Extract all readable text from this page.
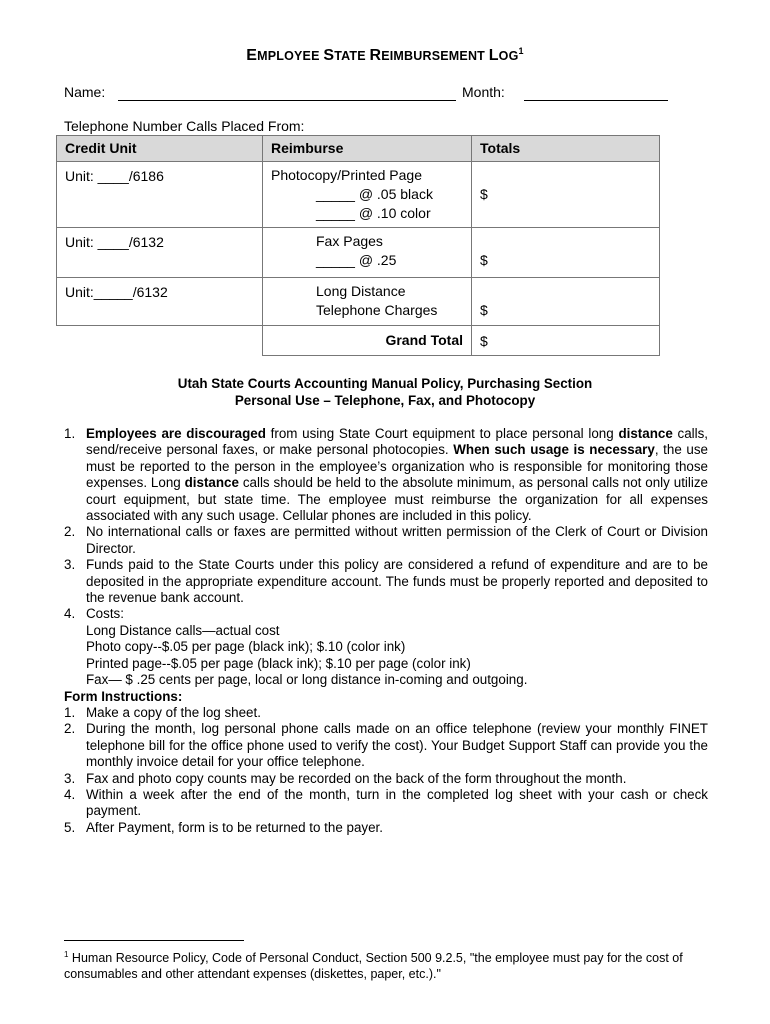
EMPLOYEE STATE REIMBURSEMENT LOG$^1$
Name:	Month:
Telephone Number Calls Placed From:
Credit Unit	Reimburse	Totals

Unit: ____/6186	Photocopy/Printed Page
_____ @ .05 black
_____ @ .10 color	$

Unit: ____/6132	Fax Pages
_____ @ .25	$

Unit:_____/6132	Long Distance
Telephone Charges	$

	Grand Total	$
Utah State Courts Accounting Manual Policy, Purchasing Section
Personal Use – Telephone, Fax, and Photocopy
1. Employees are discouraged from using State Court equipment to place personal long distance calls, send/receive personal faxes, or make personal photocopies. When such usage is necessary, the use must be reported to the person in the employee’s organization who is responsible for monitoring those expenses. Long distance calls should be held to the absolute minimum, as personal calls not only utilize court equipment, but state time. The employee must reimburse the organization for all expenses associated with any such usage. Cellular phones are included in this policy.
2. No international calls or faxes are permitted without written permission of the Clerk of Court or Division Director.
3. Funds paid to the State Courts under this policy are considered a refund of expenditure and are to be deposited in the appropriate expenditure account. The funds must be properly reported and deposited to the revenue bank account.
4. Costs:
Long Distance calls—actual cost
Photo copy--$.05 per page (black ink); $.10 (color ink)
Printed page--$.05 per page (black ink); $.10 per page (color ink)
Fax— $ .25 cents per page, local or long distance in-coming and outgoing.
Form Instructions:
1. Make a copy of the log sheet.
2. During the month, log personal phone calls made on an office telephone (review your monthly FINET telephone bill for the office phone used to verify the cost). Your Budget Support Staff can provide you the monthly invoice detail for your office telephone.
3. Fax and photo copy counts may be recorded on the back of the form throughout the month.
4. Within a week after the end of the month, turn in the completed log sheet with your cash or check payment.
5. After Payment, form is to be returned to the payer.
$^1$ Human Resource Policy, Code of Personal Conduct, Section 500 9.2.5, "the employee must pay for the cost of consumables and other attendant expenses (diskettes, paper, etc.)."
